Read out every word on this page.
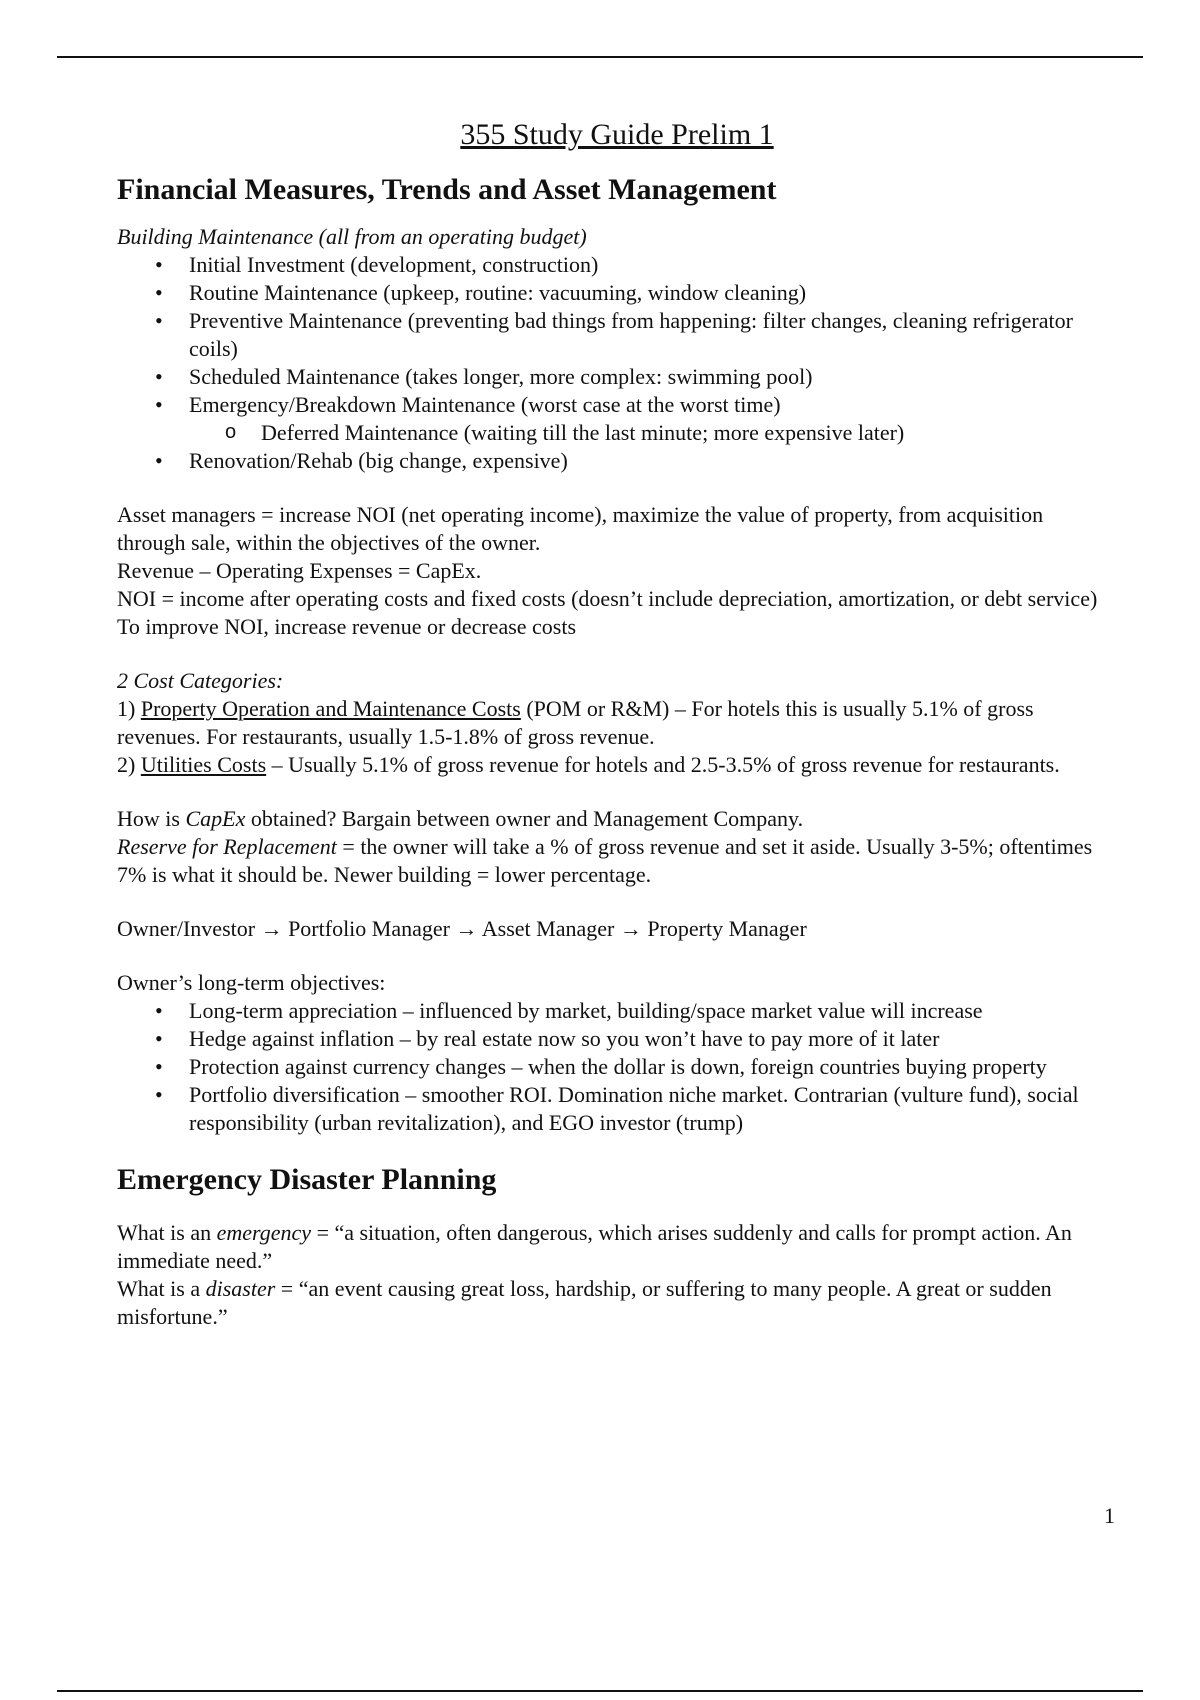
355 Study Guide Prelim 1
Financial Measures, Trends and Asset Management

Building Maintenance (all from an operating budget)

• Initial Investment (development, construction)
• Routine Maintenance (upkeep, routine: vacuuming, window cleaning)
• Preventive Maintenance (preventing bad things from happening: filter changes, cleaning refrigerator coils)
• Scheduled Maintenance (takes longer, more complex: swimming pool)
• Emergency/Breakdown Maintenance (worst case at the worst time)
o Deferred Maintenance (waiting till the last minute; more expensive later)
• Renovation/Rehab (big change, expensive)

Asset managers = increase NOI (net operating income), maximize the value of property, from acquisition through sale, within the objectives of the owner.

Revenue – Operating Expenses = CapEx.

NOI = income after operating costs and fixed costs (doesn’t include depreciation, amortization, or debt service)

To improve NOI, increase revenue or decrease costs

2 Cost Categories:

1) Property Operation and Maintenance Costs (POM or R&M) – For hotels this is usually 5.1% of gross revenues. For restaurants, usually 1.5-1.8% of gross revenue.

2) Utilities Costs – Usually 5.1% of gross revenue for hotels and 2.5-3.5% of gross revenue for restaurants.

How is CapEx obtained? Bargain between owner and Management Company.

Reserve for Replacement = the owner will take a % of gross revenue and set it aside. Usually 3-5%; oftentimes 7% is what it should be. Newer building = lower percentage.

Owner/Investor → Portfolio Manager → Asset Manager → Property Manager

Owner’s long-term objectives:

• Long-term appreciation – influenced by market, building/space market value will increase
• Hedge against inflation – by real estate now so you won’t have to pay more of it later
• Protection against currency changes – when the dollar is down, foreign countries buying property
• Portfolio diversification – smoother ROI. Domination niche market. Contrarian (vulture fund), social responsibility (urban revitalization), and EGO investor (trump)
Emergency Disaster Planning

What is an emergency = “a situation, often dangerous, which arises suddenly and calls for prompt action. An immediate need.”

What is a disaster = “an event causing great loss, hardship, or suffering to many people. A great or sudden misfortune.”

1
